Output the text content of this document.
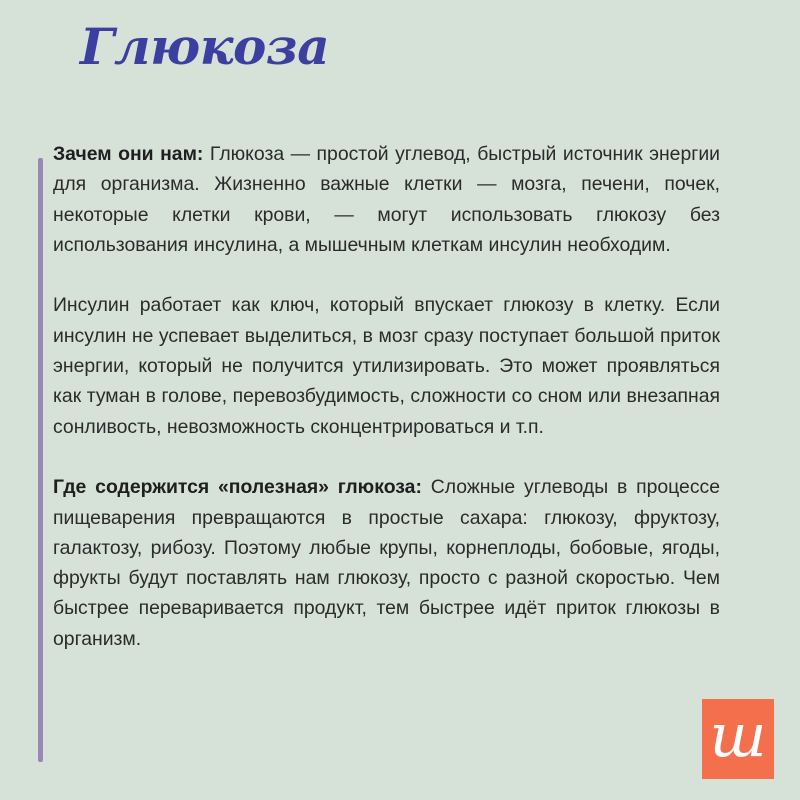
Глюкоза

Зачем они нам: Глюкоза — простой углевод, быстрый источник энергии для организма. Жизненно важные клетки — мозга, печени, почек, некоторые клетки крови, — могут использовать глюкозу без использования инсулина, а мышечным клеткам инсулин необходим.

Инсулин работает как ключ, который впускает глюкозу в клетку. Если инсулин не успевает выделиться, в мозг сразу поступает большой приток энергии, который не получится утилизировать. Это может проявляться как туман в голове, перевозбудимость, сложности со сном или внезапная сонливость, невозможность сконцентрироваться и т.п.

Где содержится «полезная» глюкоза: Сложные углеводы в процессе пищеварения превращаются в простые сахара: глюкозу, фруктозу, галактозу, рибозу. Поэтому любые крупы, корнеплоды, бобовые, ягоды, фрукты будут поставлять нам глюкозу, просто с разной скоростью. Чем быстрее переваривается продукт, тем быстрее идёт приток глюкозы в организм.

ш
